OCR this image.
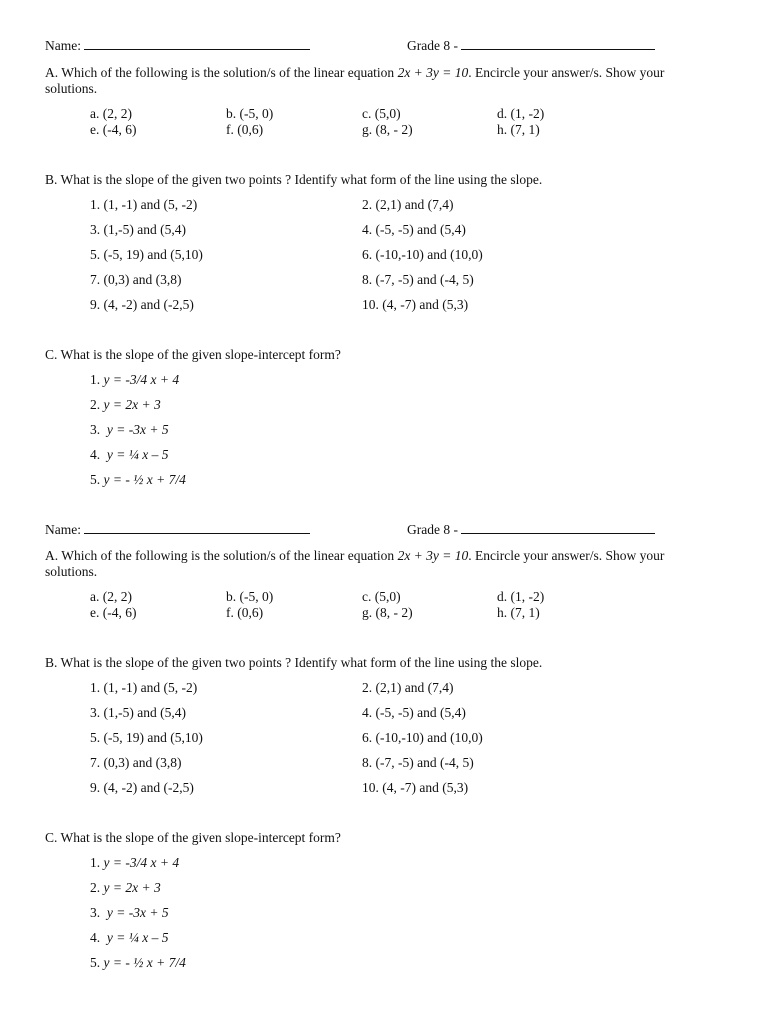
Name:	Grade 8 -
A. Which of the following is the solution/s of the linear equation 2x + 3y = 10. Encircle your answer/s. Show your solutions.
a. (2, 2)	b. (-5, 0)	c. (5,0)	d. (1, -2)
e. (-4, 6)	f. (0,6)	g. (8, - 2)	h. (7, 1)
B. What is the slope of the given two points ? Identify what form of the line using the slope.
1. (1, -1) and (5, -2)	2. (2,1) and (7,4)
3. (1,-5) and (5,4)	4. (-5, -5) and (5,4)
5. (-5, 19) and (5,10)	6. (-10,-10) and (10,0)
7. (0,3) and (3,8)	8. (-7, -5) and (-4, 5)
9. (4, -2) and (-2,5)	10. (4, -7) and (5,3)
C. What is the slope of the given slope-intercept form?
1. y = -3/4 x + 4
2. y = 2x + 3
3. y = -3x + 5
4. y = ¼ x – 5
5. y = - ½ x + 7/4
Name:	Grade 8 -
A. Which of the following is the solution/s of the linear equation 2x + 3y = 10. Encircle your answer/s. Show your solutions.
a. (2, 2)	b. (-5, 0)	c. (5,0)	d. (1, -2)
e. (-4, 6)	f. (0,6)	g. (8, - 2)	h. (7, 1)
B. What is the slope of the given two points ? Identify what form of the line using the slope.
1. (1, -1) and (5, -2)	2. (2,1) and (7,4)
3. (1,-5) and (5,4)	4. (-5, -5) and (5,4)
5. (-5, 19) and (5,10)	6. (-10,-10) and (10,0)
7. (0,3) and (3,8)	8. (-7, -5) and (-4, 5)
9. (4, -2) and (-2,5)	10. (4, -7) and (5,3)
C. What is the slope of the given slope-intercept form?
1. y = -3/4 x + 4
2. y = 2x + 3
3. y = -3x + 5
4. y = ¼ x – 5
5. y = - ½ x + 7/4
